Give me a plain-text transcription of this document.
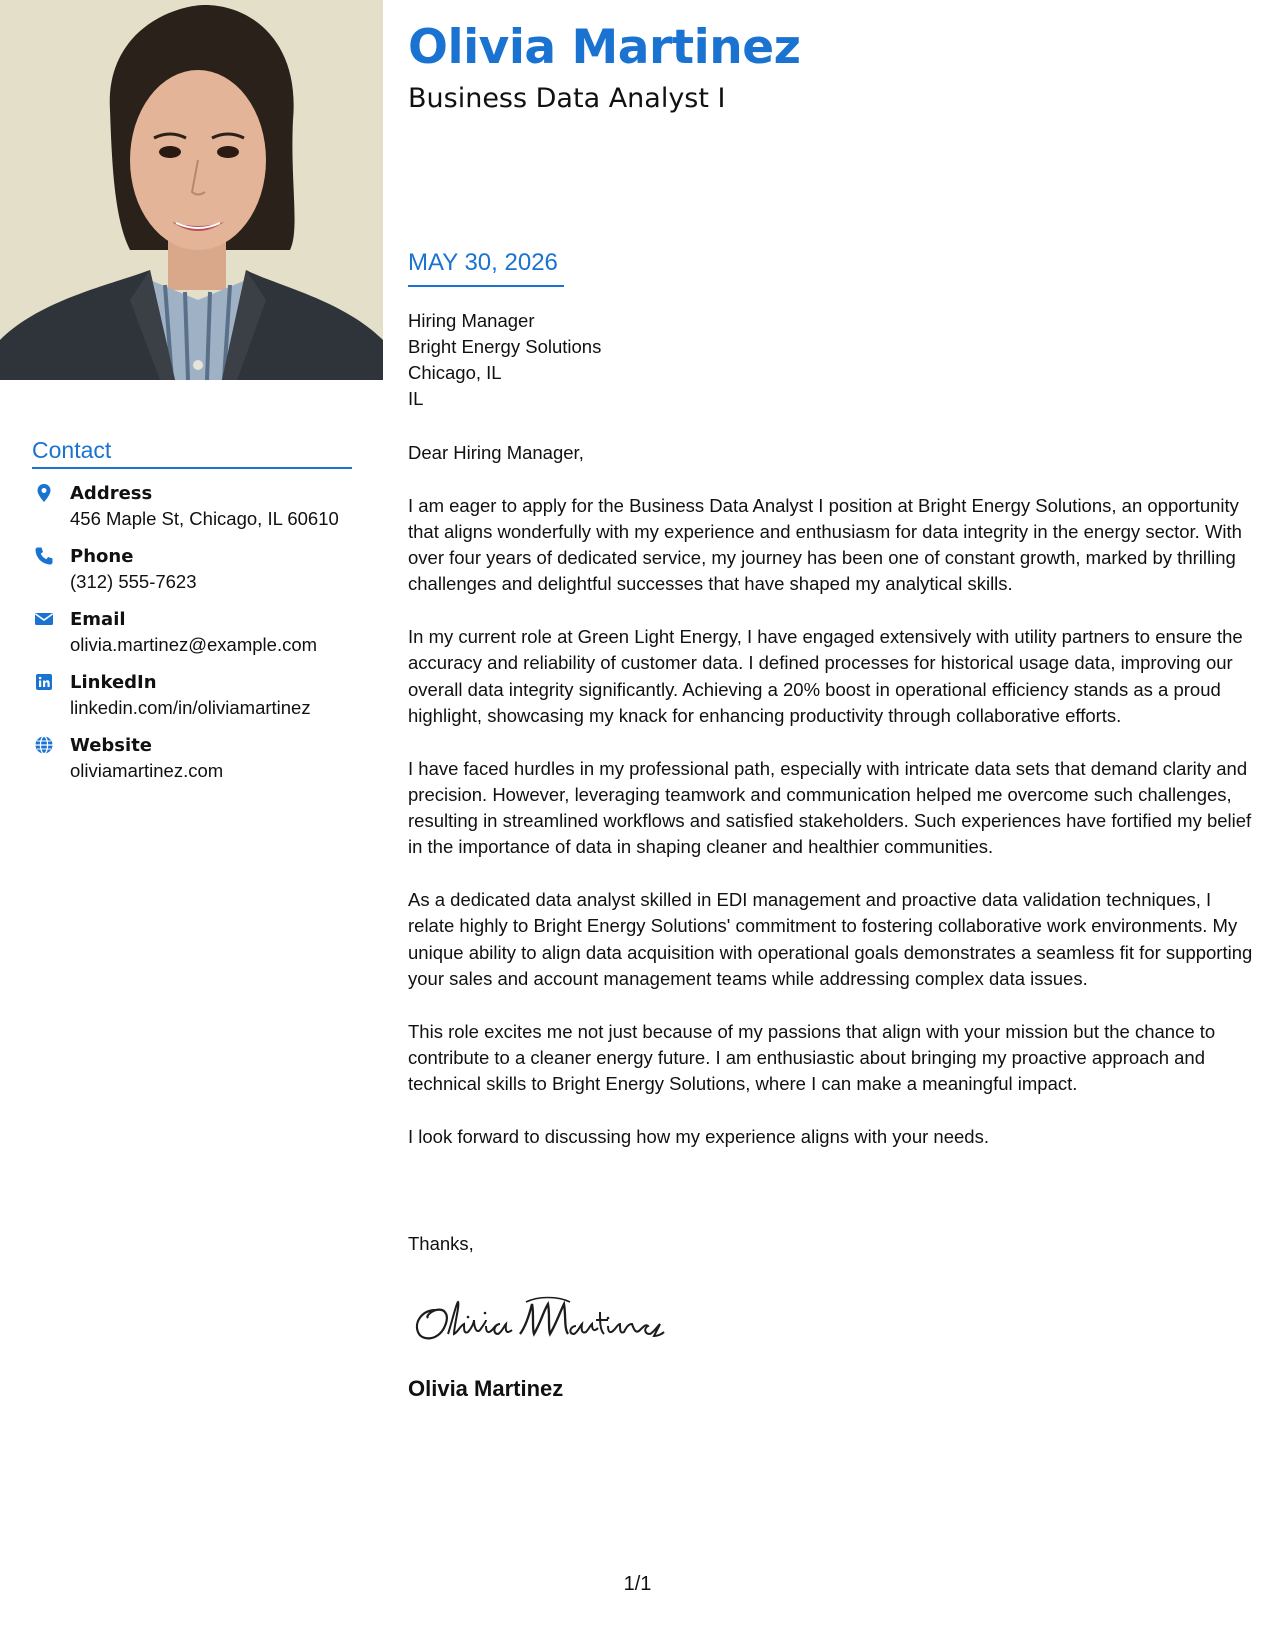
Olivia Martinez
Business Data Analyst I
MAY 30, 2026
Hiring Manager
Bright Energy Solutions
Chicago, IL
IL
Contact
Address
456 Maple St, Chicago, IL 60610
Phone
(312) 555-7623
Email
olivia.martinez@example.com
LinkedIn
linkedin.com/in/oliviamartinez
Website
oliviamartinez.com

Dear Hiring Manager,

I am eager to apply for the Business Data Analyst I position at Bright Energy Solutions, an opportunity that aligns wonderfully with my experience and enthusiasm for data integrity in the energy sector. With over four years of dedicated service, my journey has been one of constant growth, marked by thrilling challenges and delightful successes that have shaped my analytical skills.

In my current role at Green Light Energy, I have engaged extensively with utility partners to ensure the accuracy and reliability of customer data. I defined processes for historical usage data, improving our overall data integrity significantly. Achieving a 20% boost in operational efficiency stands as a proud highlight, showcasing my knack for enhancing productivity through collaborative efforts.

I have faced hurdles in my professional path, especially with intricate data sets that demand clarity and precision. However, leveraging teamwork and communication helped me overcome such challenges, resulting in streamlined workflows and satisfied stakeholders. Such experiences have fortified my belief in the importance of data in shaping cleaner and healthier communities.

As a dedicated data analyst skilled in EDI management and proactive data validation techniques, I relate highly to Bright Energy Solutions' commitment to fostering collaborative work environments. My unique ability to align data acquisition with operational goals demonstrates a seamless fit for supporting your sales and account management teams while addressing complex data issues.

This role excites me not just because of my passions that align with your mission but the chance to contribute to a cleaner energy future. I am enthusiastic about bringing my proactive approach and technical skills to Bright Energy Solutions, where I can make a meaningful impact.

I look forward to discussing how my experience aligns with your needs.

Thanks,
Olivia Martinez
1/1
